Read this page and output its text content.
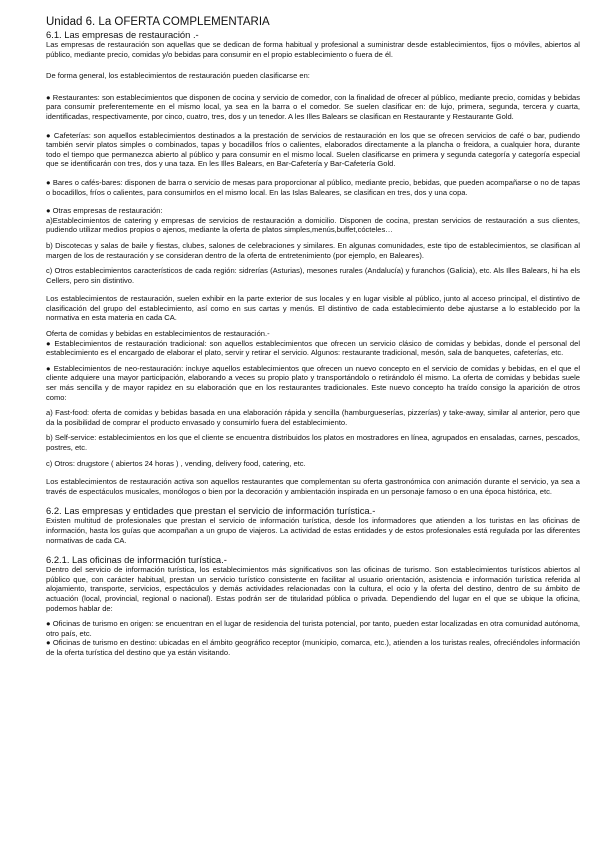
Unidad 6. La OFERTA COMPLEMENTARIA
6.1. Las empresas de restauración .-

Las empresas de restauración son aquellas que se dedican de forma habitual y profesional a suministrar desde establecimientos, fijos o móviles, abiertos al público, mediante precio, comidas y/o bebidas para consumir en el propio establecimiento o fuera de él.

De forma general, los establecimientos de restauración pueden clasificarse en:

● Restaurantes: son establecimientos que disponen de cocina y servicio de comedor, con la finalidad de ofrecer al público, mediante precio, comidas y bebidas para consumir preferentemente en el mismo local, ya sea en la barra o el comedor. Se suelen clasificar en: de lujo, primera, segunda, tercera y cuarta, identificadas, respectivamente, por cinco, cuatro, tres, dos y un tenedor. A les Illes Balears se clasifican en Restaurante y Restaurante Gold.

● Cafeterías: son aquellos establecimientos destinados a la prestación de servicios de restauración en los que se ofrecen servicios de café o bar, pudiendo también servir platos simples o combinados, tapas y bocadillos fríos o calientes, elaborados directamente a la plancha o freidora, a cualquier hora, durante todo el tiempo que permanezca abierto al público y para consumir en el mismo local. Suelen clasificarse en primera y segunda categoría y categoría especial que se identificarán con tres, dos y una taza. En les Illes Balears, en Bar-Cafetería y Bar-Cafetería Gold.

● Bares o cafés-bares: disponen de barra o servicio de mesas para proporcionar al público, mediante precio, bebidas, que pueden acompañarse o no de tapas o bocadillos, fríos o calientes, para consumirlos en el mismo local. En las Islas Baleares, se clasifican en tres, dos y una copa.

● Otras empresas de restauración:

a)Establecimientos de catering y empresas de servicios de restauración a domicilio. Disponen de cocina, prestan servicios de restauración a sus clientes, pudiendo utilizar medios propios o ajenos, mediante la oferta de platos simples,menús,buffet,cócteles…

b) Discotecas y salas de baile y fiestas, clubes, salones de celebraciones y similares. En algunas comunidades, este tipo de establecimientos, se clasifican al margen de los de restauración y se consideran dentro de la oferta de entretenimiento (por ejemplo, en Baleares).

c) Otros establecimientos característicos de cada región: sidrerías (Asturias), mesones rurales (Andalucía) y furanchos (Galicia), etc. Als Illes Balears, hi ha els Cellers, pero sin distintivo.

Los establecimientos de restauración, suelen exhibir en la parte exterior de sus locales y en lugar visible al público, junto al acceso principal, el distintivo de clasificación del grupo del establecimiento, así como en sus cartas y menús. El distintivo de cada establecimiento debe ajustarse a lo establecido por la normativa en esta materia en cada CA.

Oferta de comidas y bebidas en establecimientos de restauración.-

● Establecimientos de restauración tradicional: son aquellos establecimientos que ofrecen un servicio clásico de comidas y bebidas, donde el personal del establecimiento es el encargado de elaborar el plato, servir y retirar el servicio. Algunos: restaurante tradicional, mesón, sala de banquetes, cafeterías, etc.

● Establecimientos de neo-restauración: incluye aquellos establecimientos que ofrecen un nuevo concepto en el servicio de comidas y bebidas, en el que el cliente adquiere una mayor participación, elaborando a veces su propio plato y transportándolo o retirándolo él mismo. La oferta de comidas y bebidas suele ser más sencilla y de mayor rapidez en su elaboración que en los restaurantes tradicionales. Este nuevo concepto ha traído consigo la aparición de otros como:

a) Fast-food: oferta de comidas y bebidas basada en una elaboración rápida y sencilla (hamburgueserías, pizzerías) y take-away, similar al anterior, pero que da la posibilidad de comprar el producto envasado y consumirlo fuera del establecimiento.

b) Self-service: establecimientos en los que el cliente se encuentra distribuidos los platos en mostradores en línea, agrupados en ensaladas, carnes, pescados, postres, etc.

c) Otros: drugstore ( abiertos 24 horas ) , vending, delivery food, catering, etc.

Los establecimientos de restauración activa son aquellos restaurantes que complementan su oferta gastronómica con animación durante el servicio, ya sea a través de espectáculos musicales, monólogos o bien por la decoración y ambientación inspirada en un personaje famoso o en una época histórica, etc.

6.2. Las empresas y entidades que prestan el servicio de información turística.-

Existen multitud de profesionales que prestan el servicio de información turística, desde los informadores que atienden a los turistas en las oficinas de información, hasta los guías que acompañan a un grupo de viajeros. La actividad de estas entidades y de estos profesionales está regulada por las diferentes normativas de cada CA.

6.2.1. Las oficinas de información turística.-

Dentro del servicio de información turística, los establecimientos más significativos son las oficinas de turismo. Son establecimientos turísticos abiertos al público que, con carácter habitual, prestan un servicio turístico consistente en facilitar al usuario orientación, asistencia e información turística referida al alojamiento, transporte, servicios, espectáculos y demás actividades relacionadas con la cultura, el ocio y la oferta del destino, dentro de su ámbito de actuación (local, provincial, regional o nacional). Estas podrán ser de titularidad pública o privada. Dependiendo del lugar en el que se ubique la oficina, podemos hablar de:

● Oficinas de turismo en origen: se encuentran en el lugar de residencia del turista potencial, por tanto, pueden estar localizadas en otra comunidad autónoma, otro país, etc.

● Oficinas de turismo en destino: ubicadas en el ámbito geográfico receptor (municipio, comarca, etc.), atienden a los turistas reales, ofreciéndoles información de la oferta turística del destino que ya están visitando.
